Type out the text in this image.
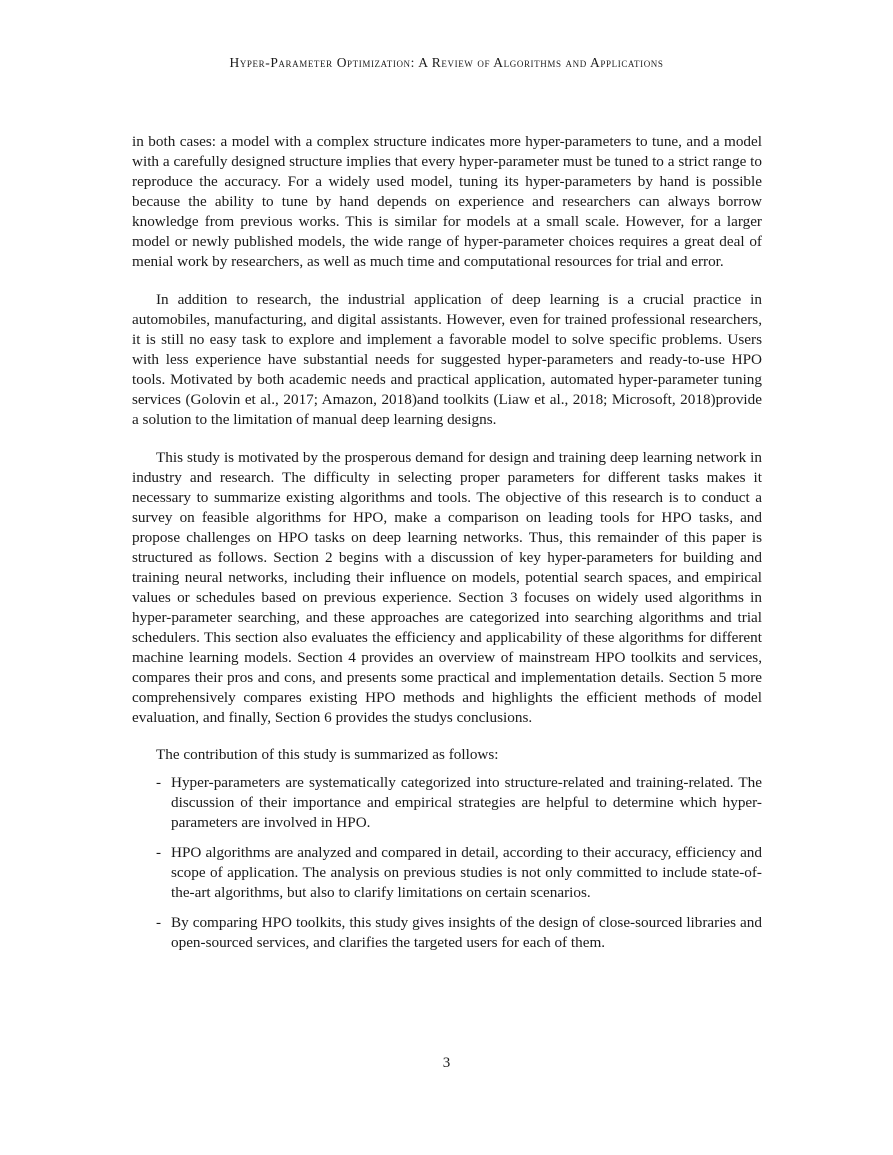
Hyper-Parameter Optimization: A Review of Algorithms and Applications

in both cases: a model with a complex structure indicates more hyper-parameters to tune, and a model with a carefully designed structure implies that every hyper-parameter must be tuned to a strict range to reproduce the accuracy. For a widely used model, tuning its hyper-parameters by hand is possible because the ability to tune by hand depends on experience and researchers can always borrow knowledge from previous works. This is similar for models at a small scale. However, for a larger model or newly published models, the wide range of hyper-parameter choices requires a great deal of menial work by researchers, as well as much time and computational resources for trial and error.

In addition to research, the industrial application of deep learning is a crucial practice in automobiles, manufacturing, and digital assistants. However, even for trained professional researchers, it is still no easy task to explore and implement a favorable model to solve specific problems. Users with less experience have substantial needs for suggested hyper-parameters and ready-to-use HPO tools. Motivated by both academic needs and practical application, automated hyper-parameter tuning services (Golovin et al., 2017; Amazon, 2018)and toolkits (Liaw et al., 2018; Microsoft, 2018)provide a solution to the limitation of manual deep learning designs.

This study is motivated by the prosperous demand for design and training deep learning network in industry and research. The difficulty in selecting proper parameters for different tasks makes it necessary to summarize existing algorithms and tools. The objective of this research is to conduct a survey on feasible algorithms for HPO, make a comparison on leading tools for HPO tasks, and propose challenges on HPO tasks on deep learning networks. Thus, this remainder of this paper is structured as follows. Section 2 begins with a discussion of key hyper-parameters for building and training neural networks, including their influence on models, potential search spaces, and empirical values or schedules based on previous experience. Section 3 focuses on widely used algorithms in hyper-parameter searching, and these approaches are categorized into searching algorithms and trial schedulers. This section also evaluates the efficiency and applicability of these algorithms for different machine learning models. Section 4 provides an overview of mainstream HPO toolkits and services, compares their pros and cons, and presents some practical and implementation details. Section 5 more comprehensively compares existing HPO methods and highlights the efficient methods of model evaluation, and finally, Section 6 provides the studys conclusions.

The contribution of this study is summarized as follows:

- Hyper-parameters are systematically categorized into structure-related and training-related. The discussion of their importance and empirical strategies are helpful to determine which hyper-parameters are involved in HPO.
- HPO algorithms are analyzed and compared in detail, according to their accuracy, efficiency and scope of application. The analysis on previous studies is not only committed to include state-of-the-art algorithms, but also to clarify limitations on certain scenarios.
- By comparing HPO toolkits, this study gives insights of the design of close-sourced libraries and open-sourced services, and clarifies the targeted users for each of them.
3
